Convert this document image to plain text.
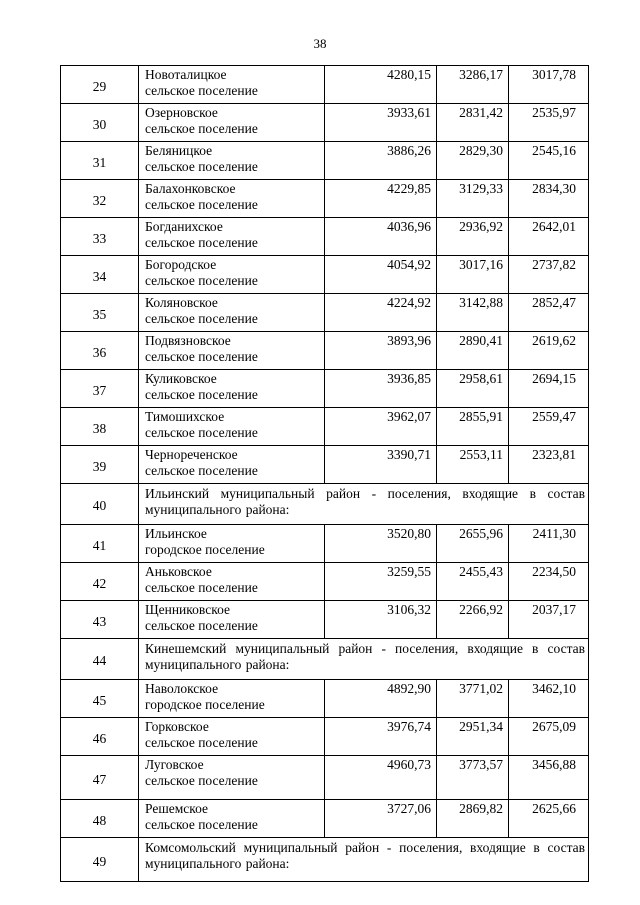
38
29	Новоталицкое
сельское поселение	4280,15	3286,17	3017,78
30	Озерновское
сельское поселение	3933,61	2831,42	2535,97
31	Беляницкое
сельское поселение	3886,26	2829,30	2545,16
32	Балахонковское
сельское поселение	4229,85	3129,33	2834,30
33	Богданихское
сельское поселение	4036,96	2936,92	2642,01
34	Богородское
сельское поселение	4054,92	3017,16	2737,82
35	Коляновское
сельское поселение	4224,92	3142,88	2852,47
36	Подвязновское
сельское поселение	3893,96	2890,41	2619,62
37	Куликовское
сельское поселение	3936,85	2958,61	2694,15
38	Тимошихское
сельское поселение	3962,07	2855,91	2559,47
39	Чернореченское
сельское поселение	3390,71	2553,11	2323,81
40	Ильинский муниципальный район - поселения, входящие в состав муниципального района:			
41	Ильинское
городское поселение	3520,80	2655,96	2411,30
42	Аньковское
сельское поселение	3259,55	2455,43	2234,50
43	Щенниковское
сельское поселение	3106,32	2266,92	2037,17
44	Кинешемский муниципальный район - поселения, входящие в состав муниципального района:			
45	Наволокское
городское поселение	4892,90	3771,02	3462,10
46	Горковское
сельское поселение	3976,74	2951,34	2675,09
47	Луговское
сельское поселение	4960,73	3773,57	3456,88
48	Решемское
сельское поселение	3727,06	2869,82	2625,66
49	Комсомольский муниципальный район - поселения, входящие в состав муниципального района:			
